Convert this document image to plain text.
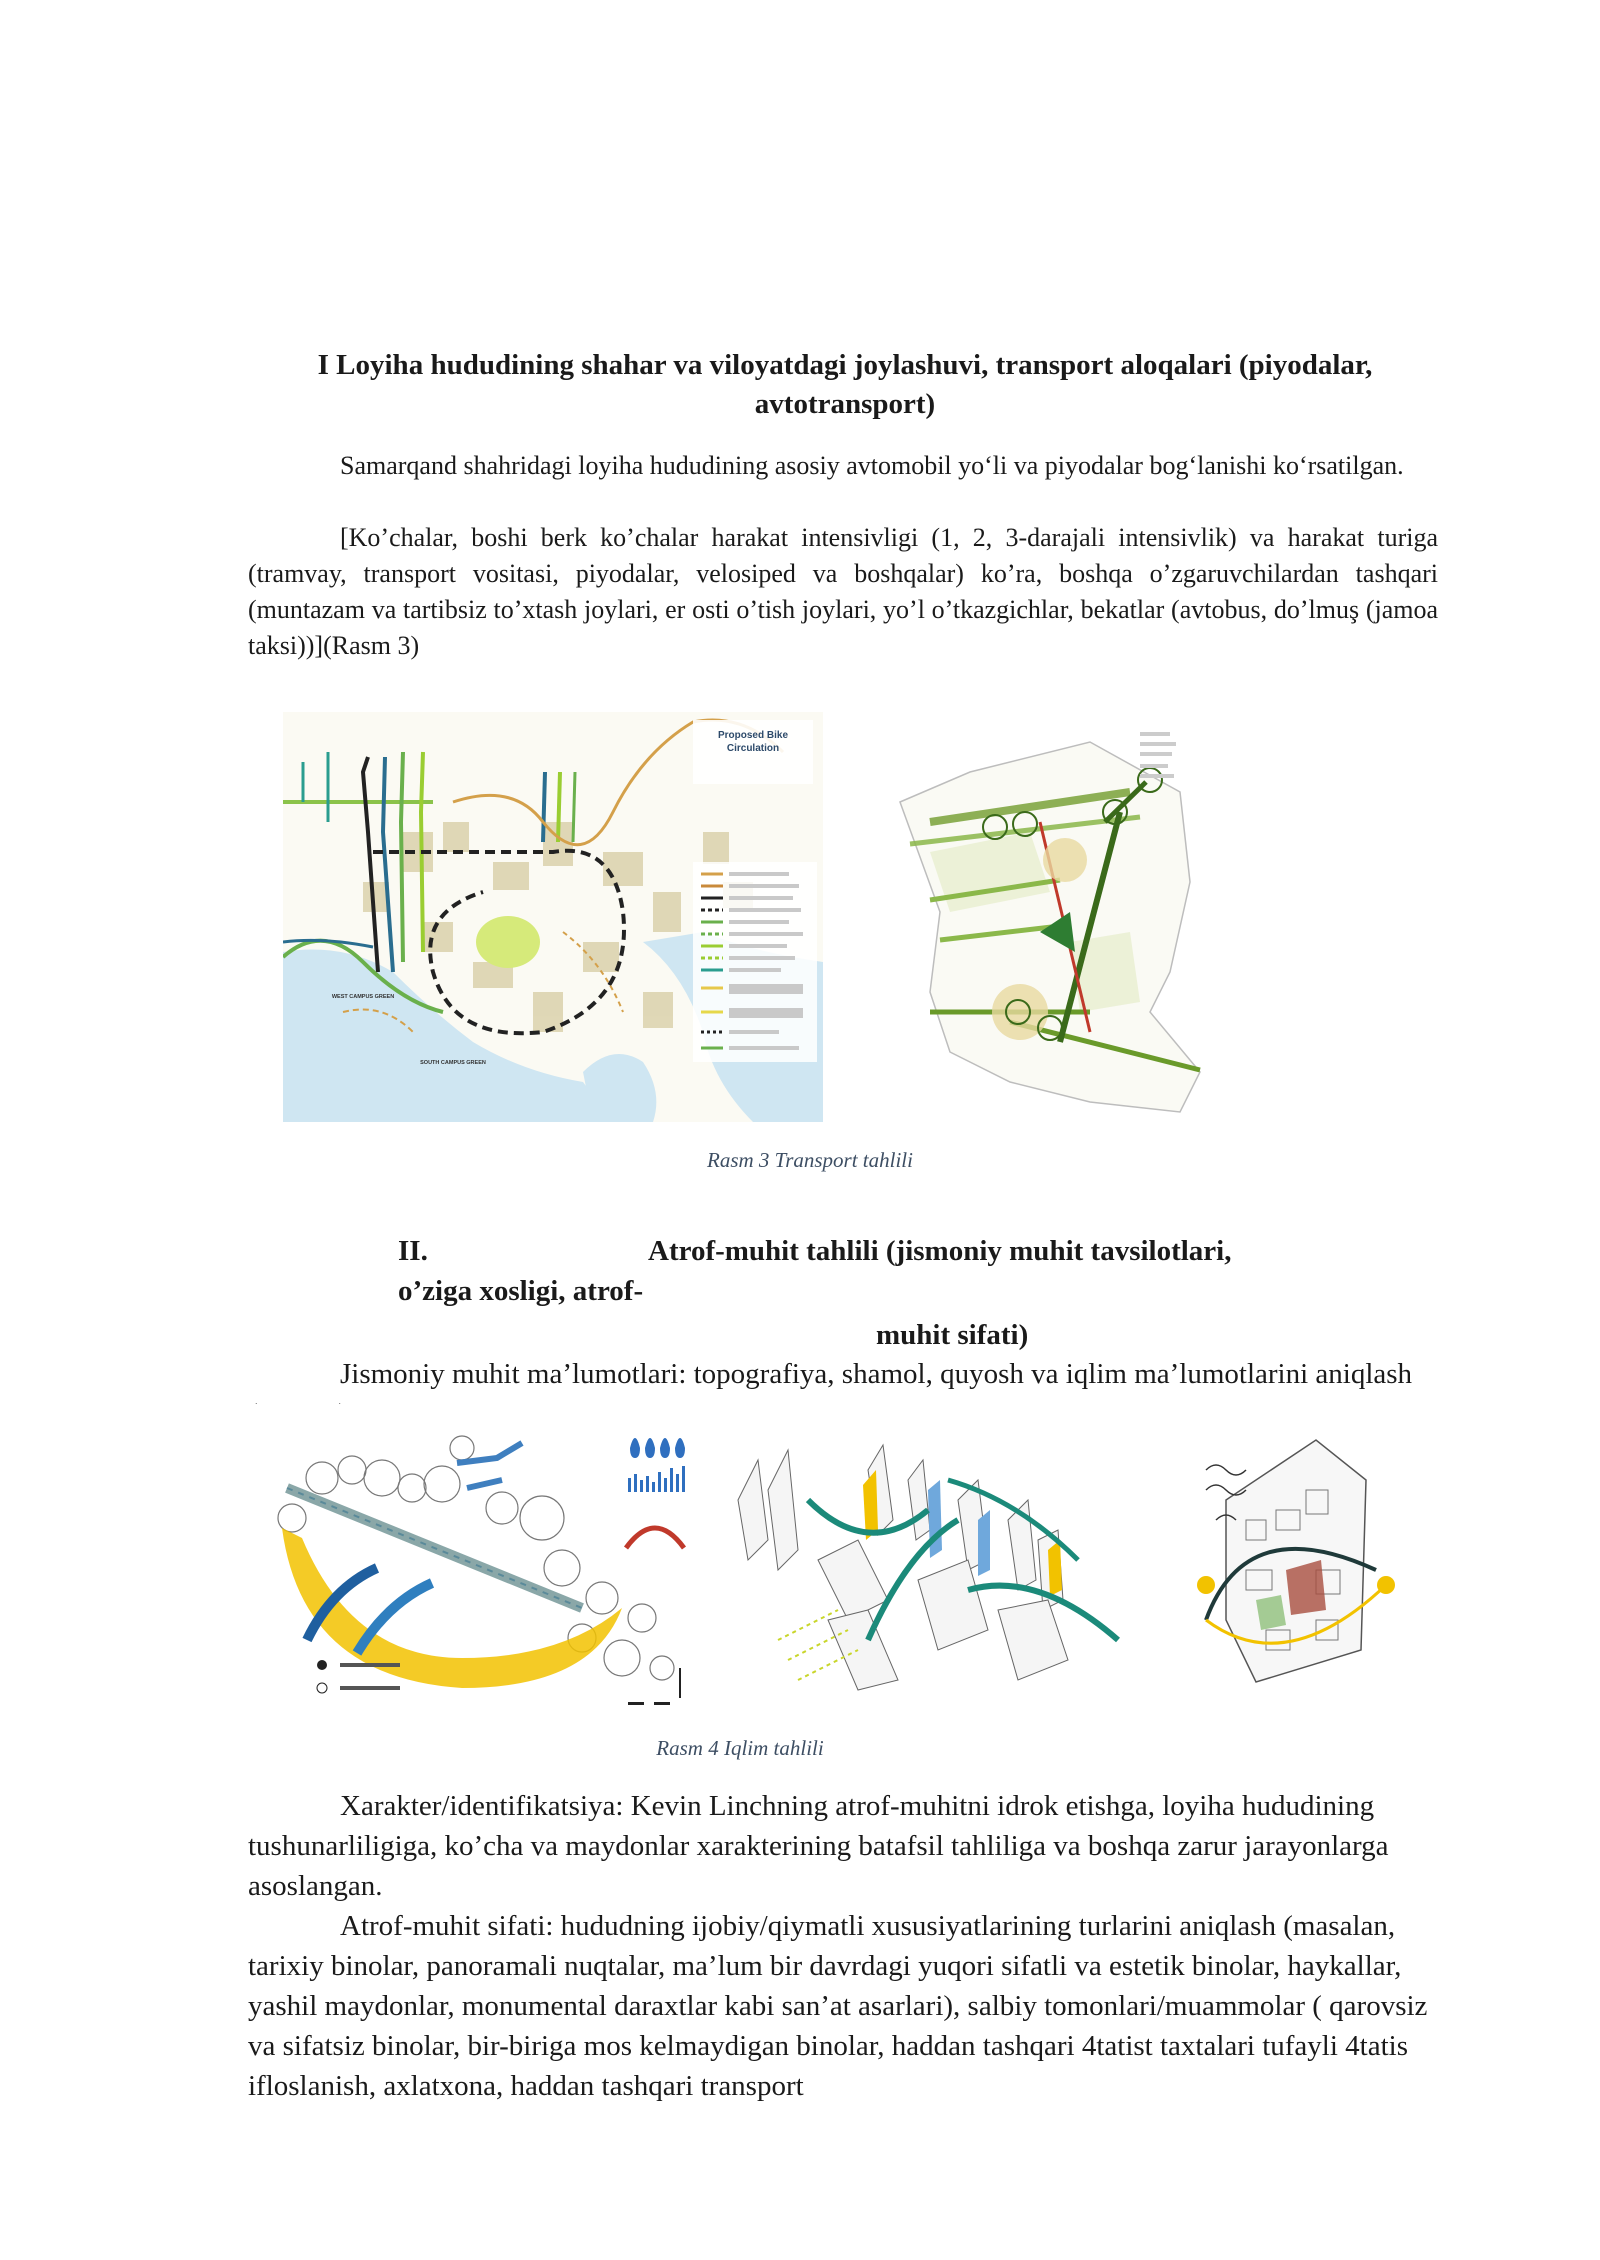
I Loyiha hududining shahar va viloyatdagi joylashuvi, transport aloqalari (piyodalar,
avtotransport)

Samarqand shahridagi loyiha hududining asosiy avtomobil yo‘li va piyodalar bog‘lanishi ko‘rsatilgan.

[Ko’chalar, boshi berk ko’chalar harakat intensivligi (1, 2, 3-darajali intensivlik) va harakat turiga (tramvay, transport vositasi, piyodalar, velosiped va boshqalar) ko’ra, boshqa o’zgaruvchilardan tashqari (muntazam va tartibsiz to’xtash joylari, er osti o’tish joylari, yo’l o’tkazgichlar, bekatlar (avtobus, do’lmuş (jamoa taksi))](Rasm 3)

Proposed Bike
Circulation
WEST CAMPUS GREEN
SOUTH CAMPUS GREEN
Rasm 3 Transport tahlili
II.	Atrof-muhit tahlili (jismoniy muhit tavsilotlari,
o’ziga xosligi, atrof-
muhit sifati)

Jismoniy muhit ma’lumotlari: topografiya, shamol, quyosh va iqlim ma’lumotlarini aniqlash

Rasm 4 Iqlim tahlili

Xarakter/identifikatsiya: Kevin Linchning atrof-muhitni idrok etishga, loyiha hududining tushunarliligiga, ko’cha va maydonlar xarakterining batafsil tahliliga va boshqa zarur jarayonlarga asoslangan.

Atrof-muhit sifati: hududning ijobiy/qiymatli xususiyatlarining turlarini aniqlash (masalan, tarixiy binolar, panoramali nuqtalar, ma’lum bir davrdagi yuqori sifatli va estetik binolar, haykallar, yashil maydonlar, monumental daraxtlar kabi san’at asarlari), salbiy tomonlari/muammolar ( qarovsiz va sifatsiz binolar, bir-biriga mos kelmaydigan binolar, haddan tashqari 4tatist taxtalari tufayli 4tatis ifloslanish, axlatxona, haddan tashqari transport
